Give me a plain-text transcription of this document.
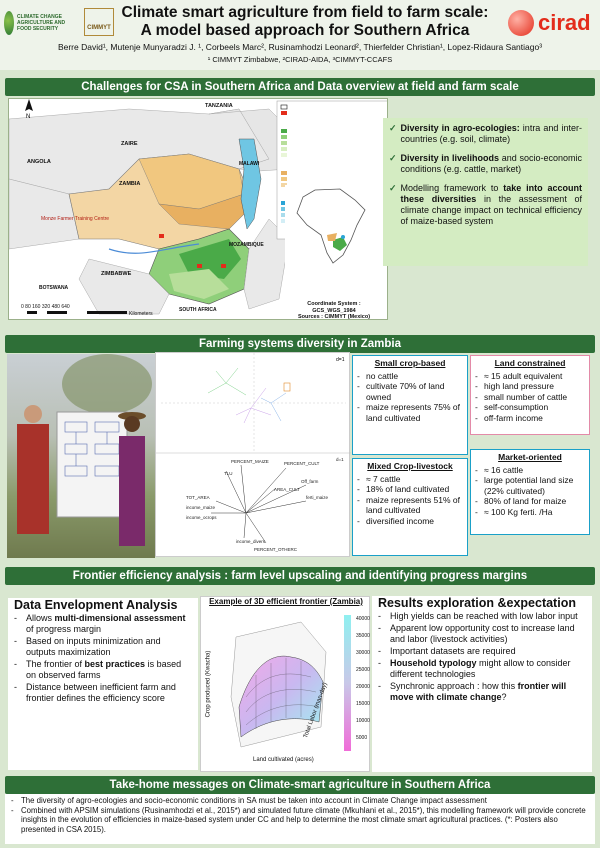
CLIMATE CHANGE AGRICULTURE AND FOOD SECURITY	CIMMYT
Climate smart agriculture from field to farm scale:
A model based approach for Southern Africa	cirad
Berre David¹, Mutenje Munyaradzi J. ¹, Corbeels Marc², Rusinamhodzi Leonard², Thierfelder Christian¹, Lopez-Ridaura Santiago³
¹ CIMMYT Zimbabwe, ²CIRAD-AIDA, ³CIMMYT-CCAFS
Challenges for CSA in Southern Africa and Data overview at field and farm scale
N
TANZANIA
ZAIRE
ANGOLA
ZAMBIA
MALAWI
MOZAMBIQUE
ZIMBABWE
BOTSWANA
SOUTH AFRICA
Monze Farmer Training Centre
0 80 160 320 480 640
Kilometers
✓ Diversity in agro-ecologies: intra and inter-countries (e.g. soil, climate)
✓ Diversity in livelihoods and socio-economic conditions (e.g. cattle, market)
✓ Modelling framework to take into account these diversities in the assessment of climate change impact on technical efficiency of maize-based system
Coordinate System : GCS_WGS_1984
Sources : CIMMYT (Mexico)
Farming systems diversity in Zambia
d=1
PERCENT_MAIZE
TLU
PERCENT_CULT
Off_farm
AREA_CULT
ferti_maize
TOT_AREA
income_maize
income_ocrops
income_divers
PERCENT_OTHERC
d=1
Small crop-based
- no cattle
- cultivate 70% of land owned
- maize represents 75% of land cultivated
Land constrained
- ≈ 15 adult equivalent
- high land pressure
- small number of cattle
- self-consumption
- off-farm income
Mixed Crop-livestock
- ≈ 7 cattle
- 18% of land cultivated
- maize represents 51% of land cultivated
- diversified income
Market-oriented
- ≈ 16 cattle
- large potential land size (22% cultivated)
- 80% of land for maize
- ≈ 100 Kg ferti. /Ha
Frontier efficiency analysis : farm level upscaling and identifying progress margins
Data Envelopment Analysis
- Allows multi-dimensional assessment of progress margin
- Based on inputs minimization and outputs maximization
- The frontier of best practices is based on observed farms
- Distance between inefficient farm and frontier defines the efficiency score
Example of 3D efficient frontier (Zambia)
40000
35000
30000
25000
20000
15000
10000
5000
Land cultivated (acres)
Crop produced (Kwacha)	Total Labor (man-day)
Results exploration &expectation
- High yields can be reached with low labor input
- Apparent low opportunity cost to increase land and labor (livestock activities)
- Important datasets are required
- Household typology might allow to consider different technologies
- Synchronic approach : how this frontier will move with climate change?
Take-home messages on Climate-smart agriculture in Southern Africa
- The diversity of agro-ecologies and socio-economic conditions in SA must be taken into account in Climate Change impact assessment
- Combined with APSIM simulations (Rusinamhodzi et al., 2015*) and simulated future climate (Mkuhlani et al., 2015*), this modelling framework will provide concrete insights in the evolution of efficiencies in maize-based system under CC and help to determine the most climate smart agricultural practices. (*: Posters also presented in CSA 2015).
